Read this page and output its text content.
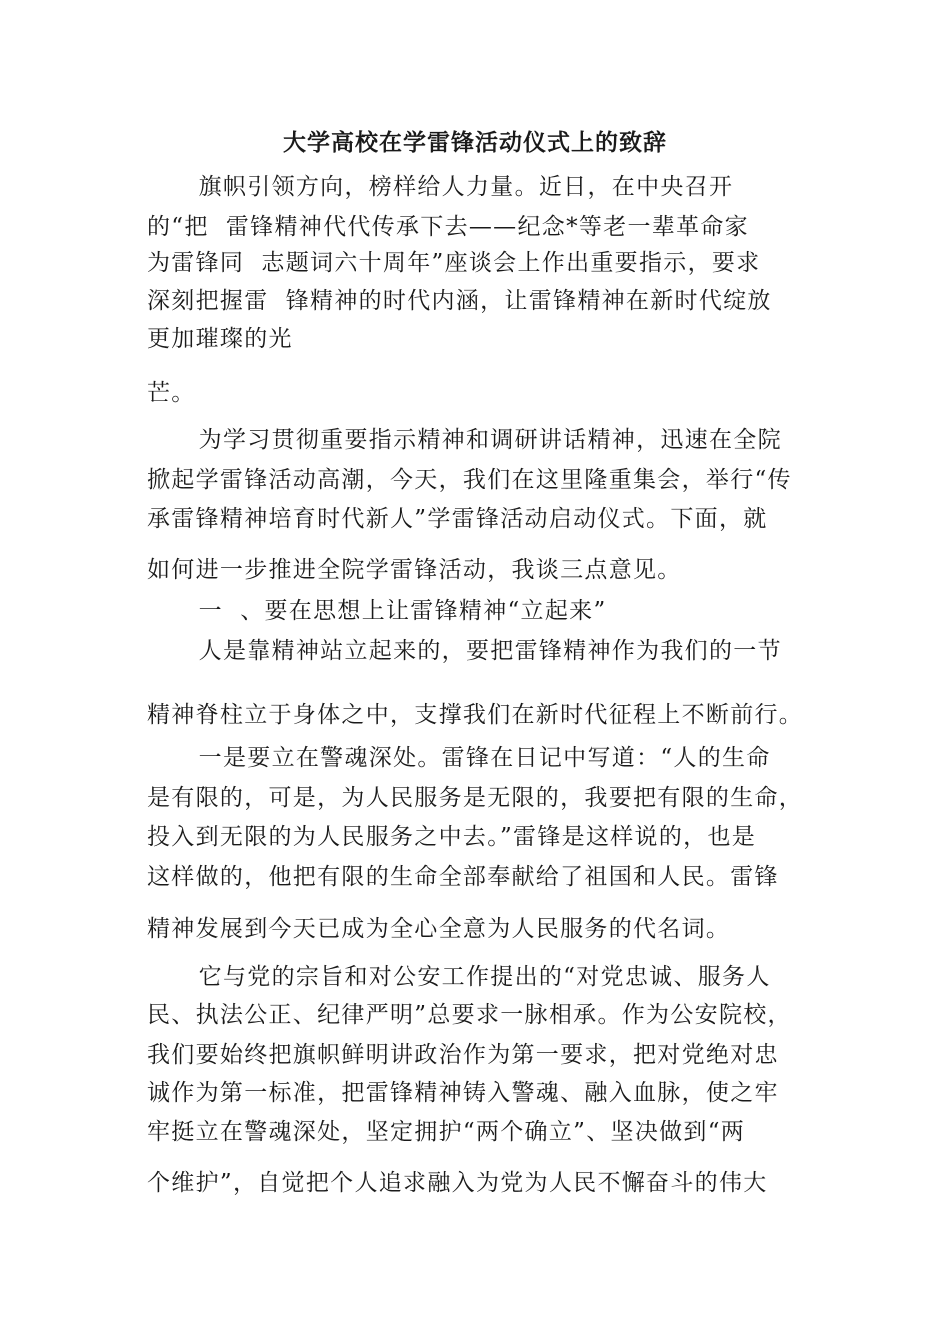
大学高校在学雷锋活动仪式上的致辞
旗帜引领方向，榜样给人力量。近日，在中央召开
的“把  雷锋精神代代传承下去——纪念*等老一辈革命家
为雷锋同  志题词六十周年”座谈会上作出重要指示，要求
深刻把握雷  锋精神的时代内涵，让雷锋精神在新时代绽放
更加璀璨的光
芒。
为学习贯彻重要指示精神和调研讲话精神，迅速在全院
掀起学雷锋活动高潮，今天，我们在这里隆重集会，举行“传
承雷锋精神培育时代新人”学雷锋活动启动仪式。下面，就
如何进一步推进全院学雷锋活动，我谈三点意见。
一  、要在思想上让雷锋精神“立起来”
人是靠精神站立起来的，要把雷锋精神作为我们的一节
精神脊柱立于身体之中，支撑我们在新时代征程上不断前行。
一是要立在警魂深处。雷锋在日记中写道：“人的生命
是有限的，可是，为人民服务是无限的，我要把有限的生命，
投入到无限的为人民服务之中去。”雷锋是这样说的，也是
这样做的，他把有限的生命全部奉献给了祖国和人民。雷锋
精神发展到今天已成为全心全意为人民服务的代名词。
它与党的宗旨和对公安工作提出的“对党忠诚、服务人
民、执法公正、纪律严明”总要求一脉相承。作为公安院校，
我们要始终把旗帜鲜明讲政治作为第一要求，把对党绝对忠
诚作为第一标准，把雷锋精神铸入警魂、融入血脉，使之牢
牢挺立在警魂深处，坚定拥护“两个确立”、坚决做到“两
个维护”，自觉把个人追求融入为党为人民不懈奋斗的伟大
